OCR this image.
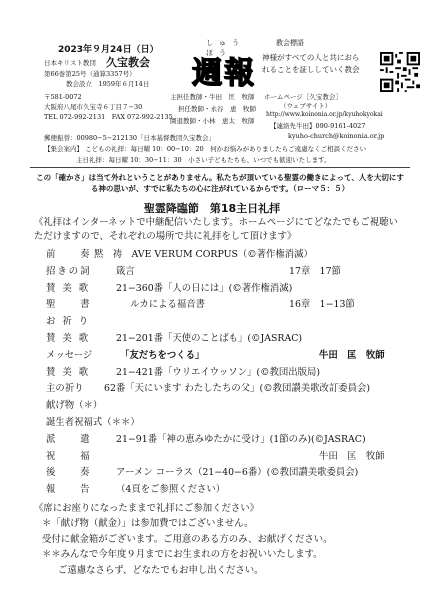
2023年９月24日（日）
日本キリスト教団 久宝教会
第66巻第25号（通算3357号）
教会設立　1959年６月14日
しゅうほう
週報
教会標語
神様がすべての人と共におられることを証ししていく教会
〒581-0072
大阪府八尾市久宝寺６丁目７−30
TEL 072-992-2131　FAX 072-992-2135
郵便振替：00980−5−212130「日本基督教団久宝教会」
主担任教師・牛田　匡　牧師
担任教師・永谷　恵　牧師
園退教師・小林　恵太　牧師
ホームページ［久宝教会］
（ウェブサイト）
http://www.koinonia.or.jp/kyuhokyokai
【連絡先牛田】090-9161-4027
kyuho-church@koinonia.or.jp
【集会案内】 こどもの礼拝：毎日曜 10：00−10：20　何かお悩みがありましたらご遠慮なくご相談ください
主日礼拝：毎日曜 10：30−11：30　小さい子どもたちも、いつでも歓迎いたします。
この「確かさ」は当て外れということがありません。私たちが頂いている聖霊の働きによって、人を大切にする神の思いが、すでに私たちの心に注がれているからです。（ローマ５：５）
聖霊降臨節　第18主日礼拝
《礼拝はインターネットで中継配信いたします。ホームページにてどなたでもご視聴いただけますので、それぞれの場所で共に礼拝をして頂けます》
前　　奏 黙　祷　AVE VERUM CORPUS（©著作権消滅）
招きの詞	箴言	17章　17節
賛 美 歌	21−360番「人の日には」(©著作権消滅)
聖　　書	ルカによる福音書	16章　1−13節
お 祈 り
賛 美 歌	21−201番「天使のことばも」(©JASRAC)
メッセージ	「友だちをつくる」	牛田　匡　牧師
賛 美 歌	21−421番「ウリエイウッソン」(©教団出版局)
主の祈り 62番「天にいます わたしたちの父」(©教団讃美歌改訂委員会)
献げ物（＊）
誕生者祝福式（＊＊）
派　　遣	21−91番「神の恵みゆたかに受け」(1節のみ)(©JASRAC)
祝　　福	牛田　匡　牧師
後　　奏	アーメン コーラス（21−40−6番）(©教団讃美歌委員会)
報　　告	（4頁をご参照ください）
《席にお座りになったままで礼拝にご参加ください》
＊「献げ物（献金）」は参加費ではございません。
受付に献金箱がございます。ご用意のある方のみ、お献げください。
＊＊みんなで今年度９月までにお生まれの方をお祝いいたします。
ご遠慮なさらず、どなたでもお申し出ください。
